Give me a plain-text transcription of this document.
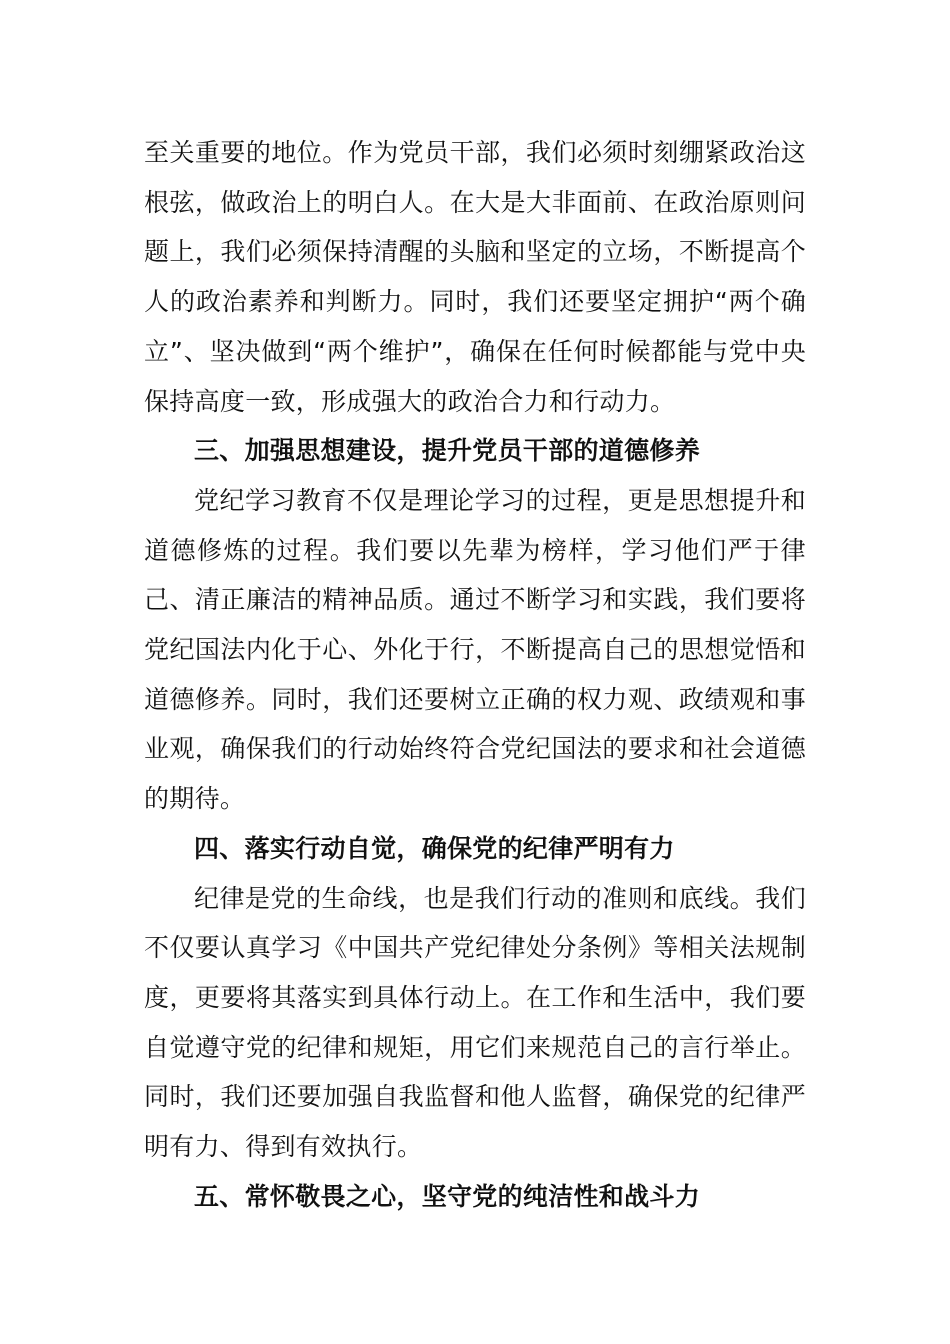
至关重要的地位。作为党员干部，我们必须时刻绷紧政治这根弦，做政治上的明白人。在大是大非面前、在政治原则问题上，我们必须保持清醒的头脑和坚定的立场，不断提高个人的政治素养和判断力。同时，我们还要坚定拥护“两个确立”、坚决做到“两个维护”，确保在任何时候都能与党中央保持高度一致，形成强大的政治合力和行动力。

三、加强思想建设，提升党员干部的道德修养

党纪学习教育不仅是理论学习的过程，更是思想提升和道德修炼的过程。我们要以先辈为榜样，学习他们严于律己、清正廉洁的精神品质。通过不断学习和实践，我们要将党纪国法内化于心、外化于行，不断提高自己的思想觉悟和道德修养。同时，我们还要树立正确的权力观、政绩观和事业观，确保我们的行动始终符合党纪国法的要求和社会道德的期待。

四、落实行动自觉，确保党的纪律严明有力

纪律是党的生命线，也是我们行动的准则和底线。我们不仅要认真学习《中国共产党纪律处分条例》等相关法规制度，更要将其落实到具体行动上。在工作和生活中，我们要自觉遵守党的纪律和规矩，用它们来规范自己的言行举止。同时，我们还要加强自我监督和他人监督，确保党的纪律严明有力、得到有效执行。

五、常怀敬畏之心，坚守党的纯洁性和战斗力
